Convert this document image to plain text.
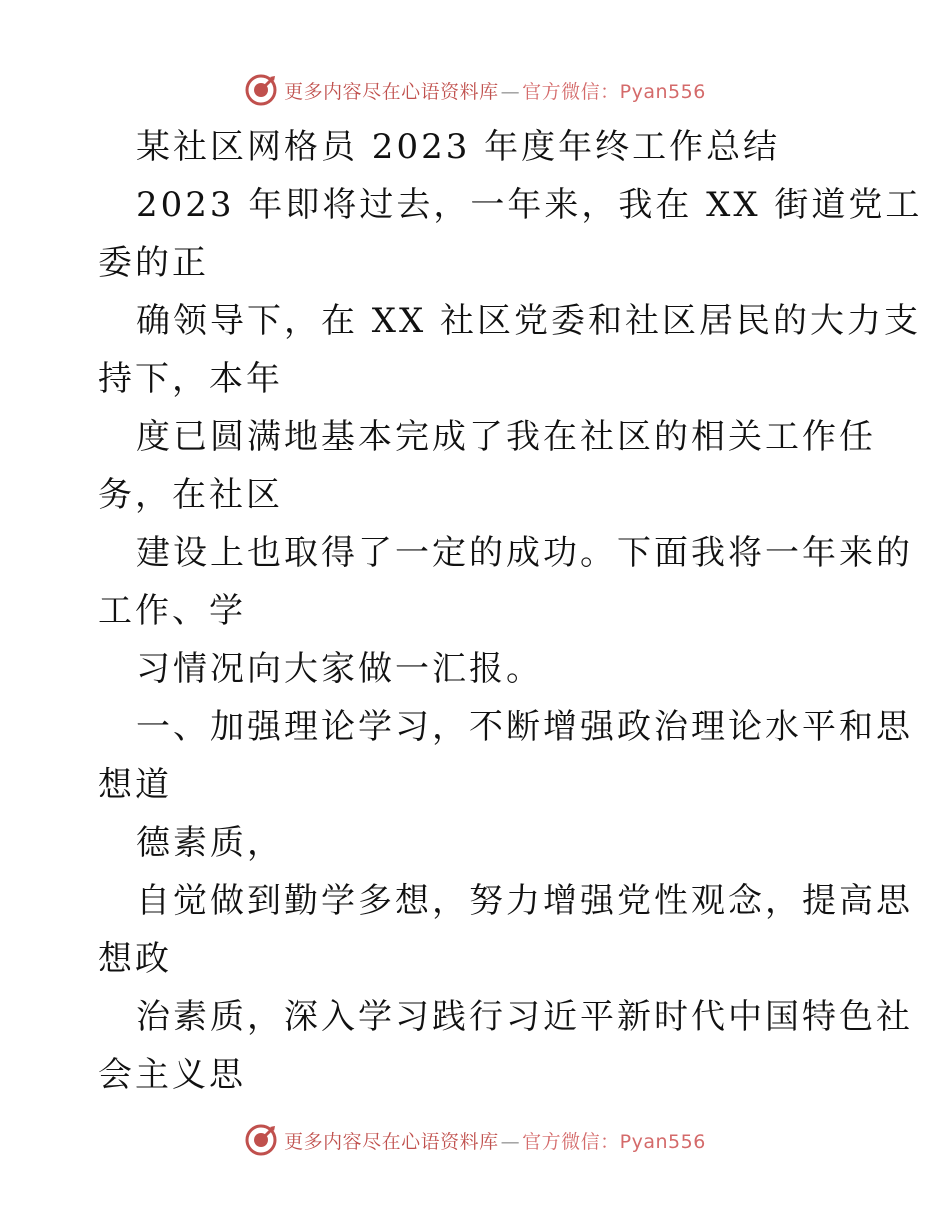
更多内容尽在心语资料库 — 官方微信：Pyan556
某社区网格员 2023 年度年终工作总结
2023 年即将过去，一年来，我在 XX 街道党工
委的正
确领导下，在 XX 社区党委和社区居民的大力支
持下，本年
度已圆满地基本完成了我在社区的相关工作任
务，在社区
建设上也取得了一定的成功。下面我将一年来的
工作、学
习情况向大家做一汇报。
一、加强理论学习，不断增强政治理论水平和思
想道
德素质，
自觉做到勤学多想，努力增强党性观念，提高思
想政
治素质，深入学习践行习近平新时代中国特色社
会主义思
更多内容尽在心语资料库 — 官方微信：Pyan556
